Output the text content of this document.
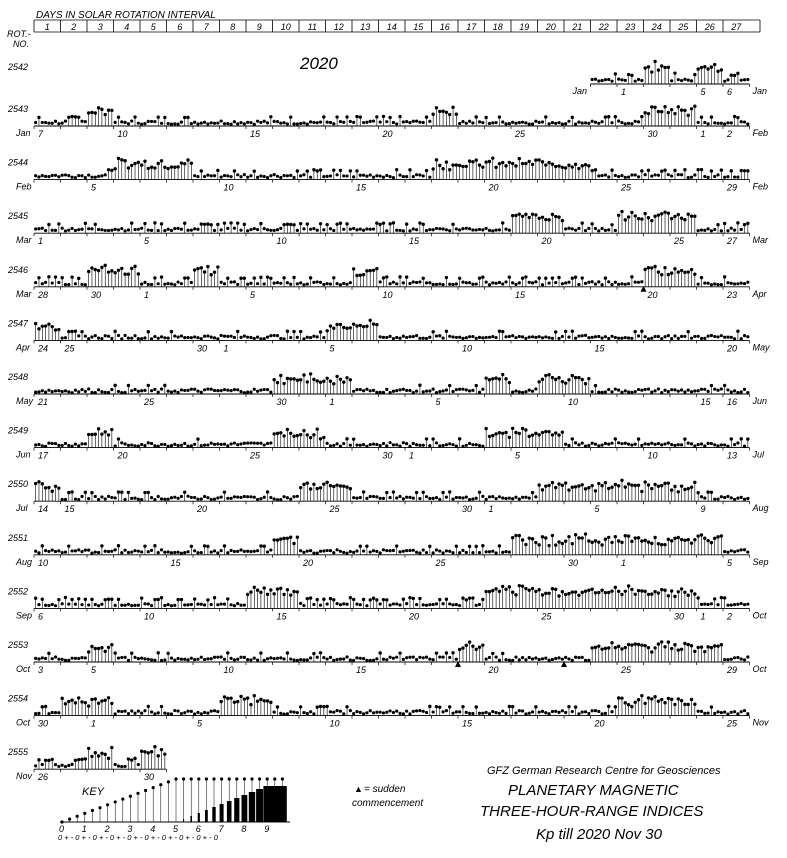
DAYS IN SOLAR ROTATION INTERVAL
ROT.-
NO.
1 2 3 4 5 6 7 8 9 10 11 12 13 14 15 16 17 18 19 20 21 22 23 24 25 26 27
2020
2542
Jan	Jan
1	5 6
2543
Jan	Feb
7	10	15	20	25	30	1 2
2544
Feb	Feb
5	10	15	20	25	29
2545
Mar	Mar
1	5	10	15	20	25	27
2546
Mar	Apr
28	30	1	5	10	15	20	23
2547
Apr	May
24 25	30 1	5	10	15	20
2548
May	Jun
21	25	30	1	5	10	15 16
2549
Jun	Jul
17	20	25	30 1	5	10	13
2550
Jul	Aug
14 15	20	25	30 1	5	9
2551
Aug	Sep
10	15	20	25	30	1	5
2552
Sep	Oct
6	10	15	20	25	30 1 2
2553
Oct	Oct
3	5	10	15	20	25	29
2554
Oct	Nov
30	1	5	10	15	20	25
2555
Nov 26	30
KEY
0 1 2 3 4 5 6 7 8 9
0 + - 0 + - 0 + - 0 + - 0 + - 0 + - 0 + - 0 + - 0 + - 0
▲ = sudden
commencement
GFZ German Research Centre for Geosciences
PLANETARY MAGNETIC
THREE-HOUR-RANGE INDICES
Kp till 2020 Nov 30
